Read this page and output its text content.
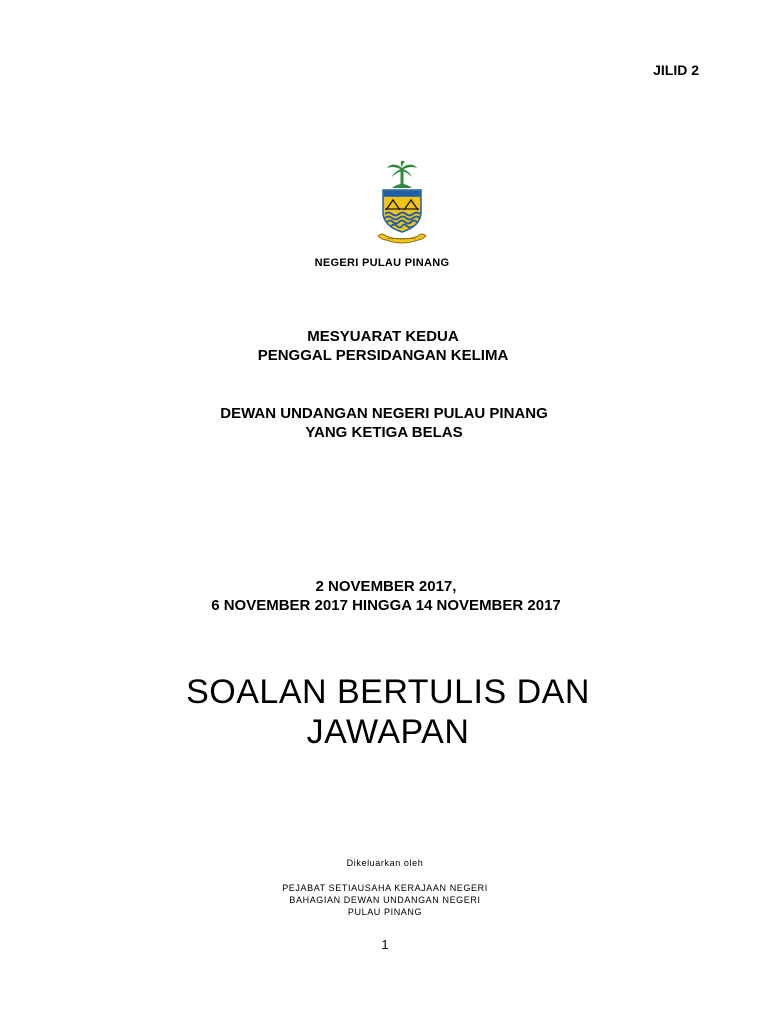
JILID 2
NEGERI PULAU PINANG
MESYUARAT KEDUA
PENGGAL PERSIDANGAN KELIMA
DEWAN UNDANGAN NEGERI PULAU PINANG
YANG KETIGA BELAS
2 NOVEMBER 2017,
6 NOVEMBER 2017 HINGGA 14 NOVEMBER 2017
SOALAN BERTULIS DAN
JAWAPAN
Dikeluarkan oleh
PEJABAT SETIAUSAHA KERAJAAN NEGERI
BAHAGIAN DEWAN UNDANGAN NEGERI
PULAU PINANG
1
